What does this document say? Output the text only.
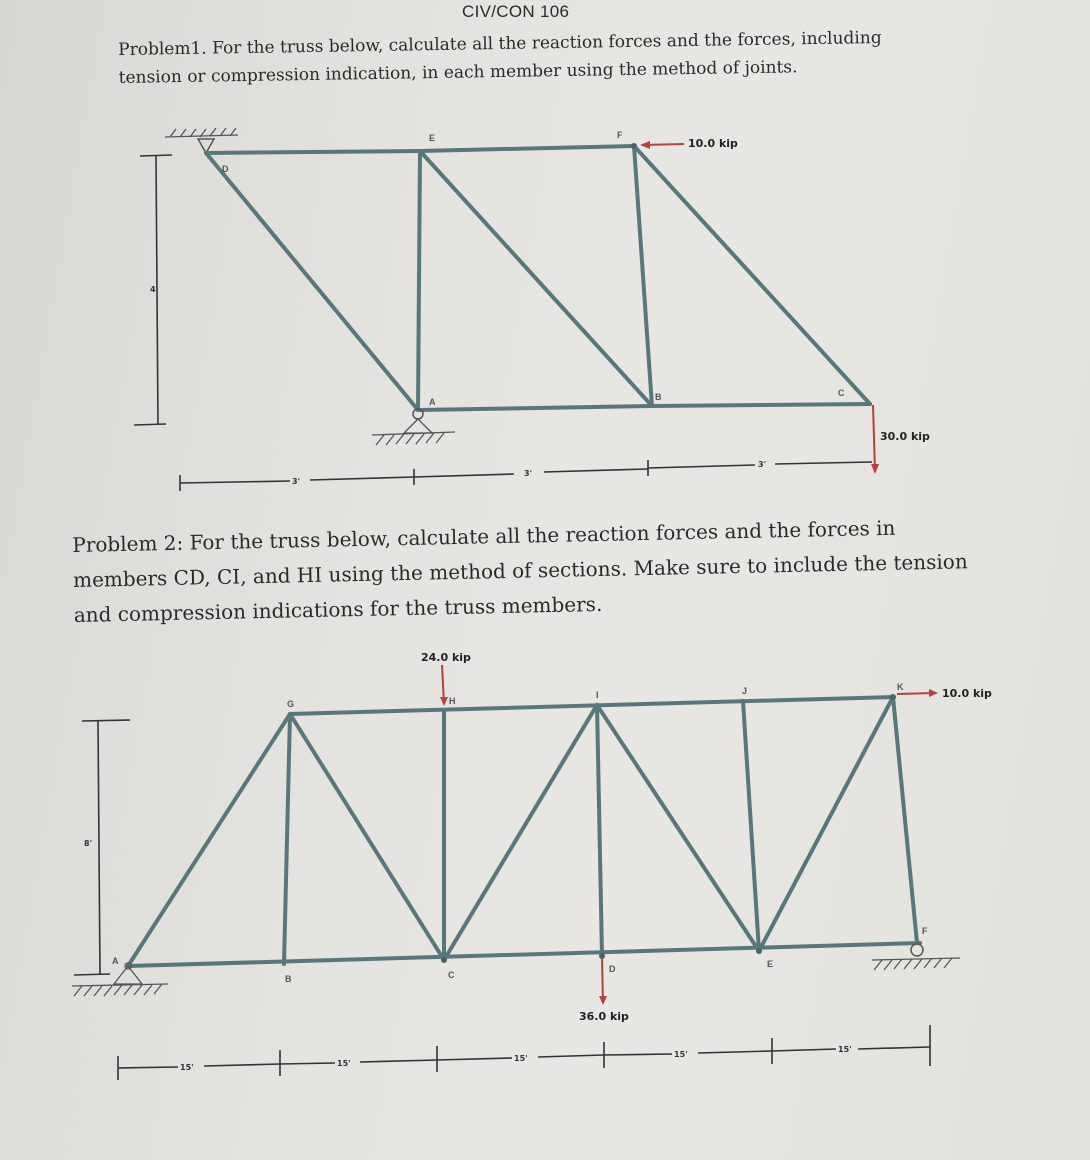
CIV/CON 106

Problem1. For the truss below, calculate all the reaction forces and the forces, including tension or compression indication, in each member using the method of joints.

Problem 2: For the truss below, calculate all the reaction forces and the forces in members CD, CI, and HI using the method of sections. Make sure to include the tension and compression indications for the truss members.

D
E	F
A	B	C
10.0 kip
30.0 kip
4'
3'
3'
3'
G	H
I	J	K
A
B	C
D	E
F
24.0 kip
36.0 kip
10.0 kip
8'
15'	15'
15'	15'
15'
